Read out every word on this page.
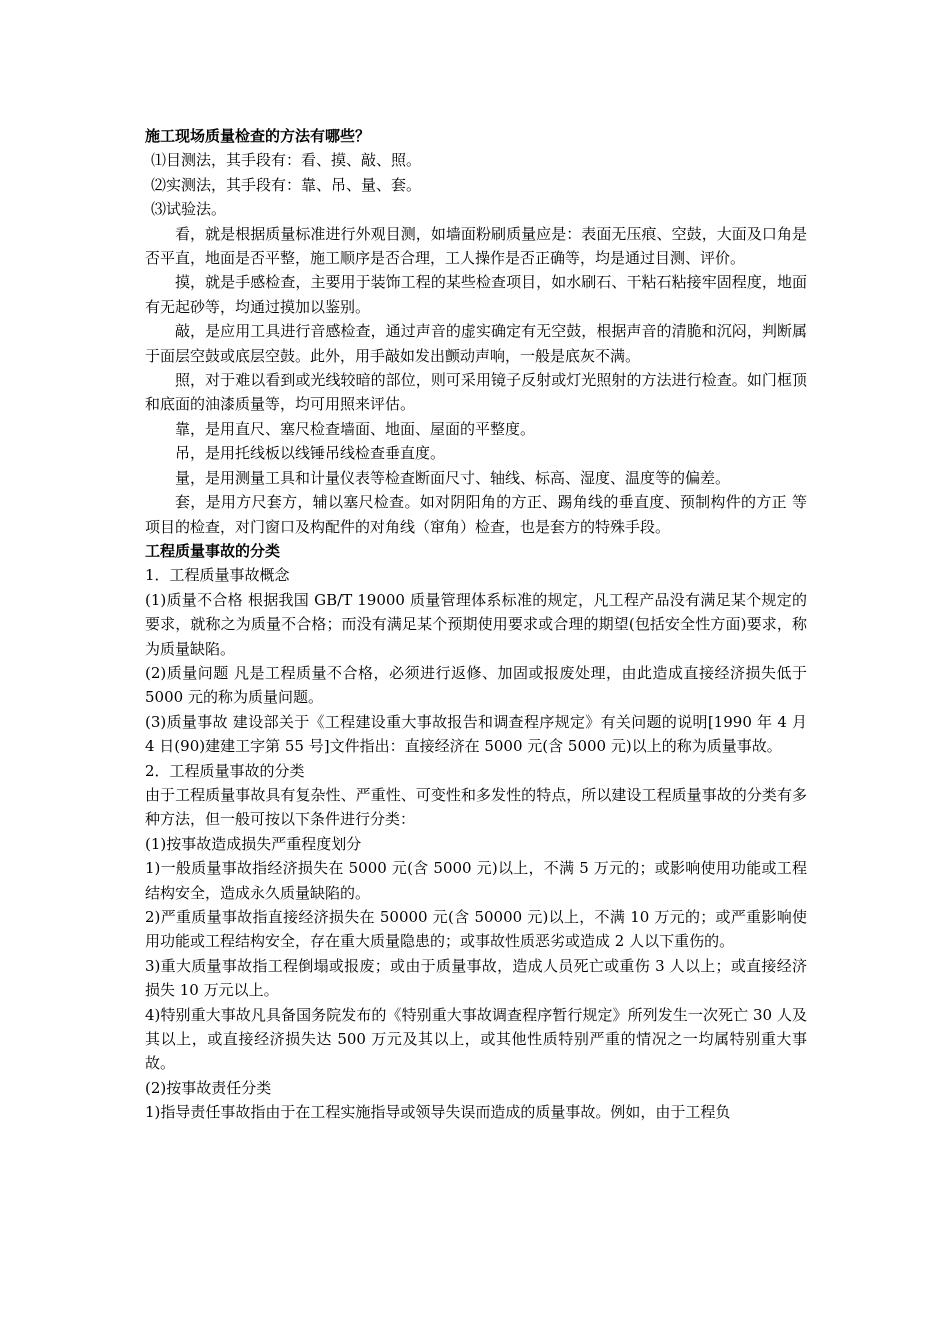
施工现场质量检查的方法有哪些？

⑴目测法，其手段有：看、摸、敲、照。

⑵实测法，其手段有：靠、吊、量、套。

⑶试验法。

看，就是根据质量标准进行外观目测，如墙面粉刷质量应是：表面无压痕、空鼓，大面及口角是否平直，地面是否平整，施工顺序是否合理，工人操作是否正确等，均是通过目测、评价。

摸，就是手感检查，主要用于装饰工程的某些检查项目，如水刷石、干粘石粘接牢固程度，地面有无起砂等，均通过摸加以鉴别。

敲，是应用工具进行音感检查，通过声音的虚实确定有无空鼓，根据声音的清脆和沉闷，判断属于面层空鼓或底层空鼓。此外，用手敲如发出颤动声响，一般是底灰不满。

照，对于难以看到或光线较暗的部位，则可采用镜子反射或灯光照射的方法进行检查。如门框顶和底面的油漆质量等，均可用照来评估。

靠，是用直尺、塞尺检查墙面、地面、屋面的平整度。

吊，是用托线板以线锤吊线检查垂直度。

量，是用测量工具和计量仪表等检查断面尺寸、轴线、标高、湿度、温度等的偏差。

套，是用方尺套方，辅以塞尺检查。如对阴阳角的方正、踢角线的垂直度、预制构件的方正 等项目的检查，对门窗口及构配件的对角线（窜角）检查，也是套方的特殊手段。

工程质量事故的分类

1．工程质量事故概念

(1)质量不合格 根据我国 GB/T 19000 质量管理体系标准的规定，凡工程产品没有满足某个规定的要求，就称之为质量不合格；而没有满足某个预期使用要求或合理的期望(包括安全性方面)要求，称为质量缺陷。

(2)质量问题 凡是工程质量不合格，必须进行返修、加固或报废处理，由此造成直接经济损失低于 5000 元的称为质量问题。

(3)质量事故 建设部关于《工程建设重大事故报告和调查程序规定》有关问题的说明[1990 年 4 月 4 日(90)建建工字第 55 号]文件指出：直接经济在 5000 元(含 5000 元)以上的称为质量事故。

2．工程质量事故的分类

由于工程质量事故具有复杂性、严重性、可变性和多发性的特点，所以建设工程质量事故的分类有多种方法，但一般可按以下条件进行分类：

(1)按事故造成损失严重程度划分

1)一般质量事故指经济损失在 5000 元(含 5000 元)以上，不满 5 万元的；或影响使用功能或工程结构安全，造成永久质量缺陷的。

2)严重质量事故指直接经济损失在 50000 元(含 50000 元)以上，不满 10 万元的；或严重影响使用功能或工程结构安全，存在重大质量隐患的；或事故性质恶劣或造成 2 人以下重伤的。

3)重大质量事故指工程倒塌或报废；或由于质量事故，造成人员死亡或重伤 3 人以上；或直接经济损失 10 万元以上。

4)特别重大事故凡具备国务院发布的《特别重大事故调查程序暂行规定》所列发生一次死亡 30 人及其以上，或直接经济损失达 500 万元及其以上，或其他性质特别严重的情况之一均属特别重大事故。

(2)按事故责任分类

1)指导责任事故指由于在工程实施指导或领导失误而造成的质量事故。例如，由于工程负
